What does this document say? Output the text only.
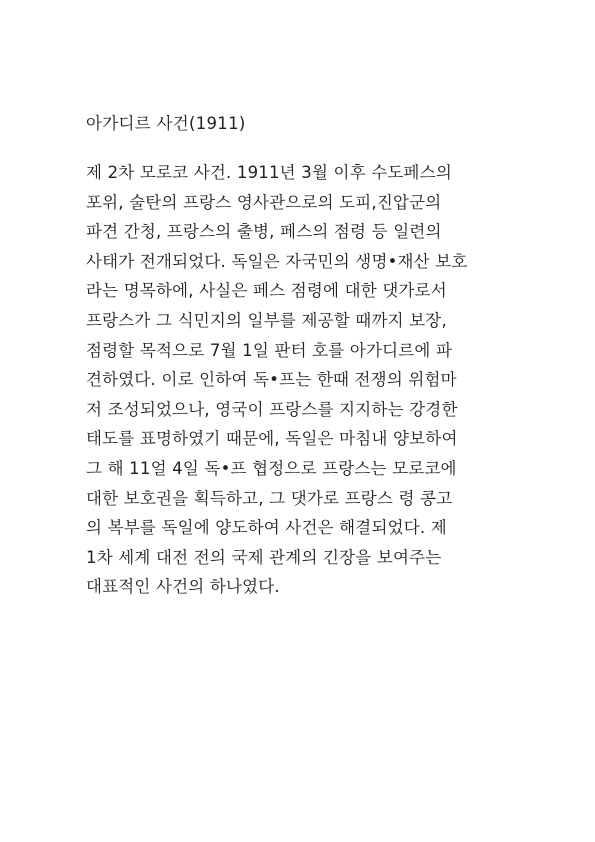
아가디르 사건(1911)
제 2차 모로코 사건. 1911년 3월 이후 수도페스의
포위, 술탄의 프랑스 영사관으로의 도피,진압군의
파견 간청, 프랑스의 출병, 페스의 점령 등 일련의
사태가 전개되었다. 독일은 자국민의 생명•재산 보호
라는 명목하에, 사실은 페스 점령에 대한 댓가로서
프랑스가 그 식민지의 일부를 제공할 때까지 보장,
점령할 목적으로 7월 1일 판터 호를 아가디르에 파
견하였다. 이로 인하여 독•프는 한때 전쟁의 위험마
저 조성되었으나, 영국이 프랑스를 지지하는 강경한
태도를 표명하였기 때문에, 독일은 마침내 양보하여
그 해 11얼 4일 독•프 협정으로 프랑스는 모로코에
대한 보호권을 획득하고, 그 댓가로 프랑스 령 콩고
의 복부를 독일에 양도하여 사건은 해결되었다. 제
1차 세계 대전 전의 국제 관계의 긴장을 보여주는
대표적인 사건의 하나였다.
